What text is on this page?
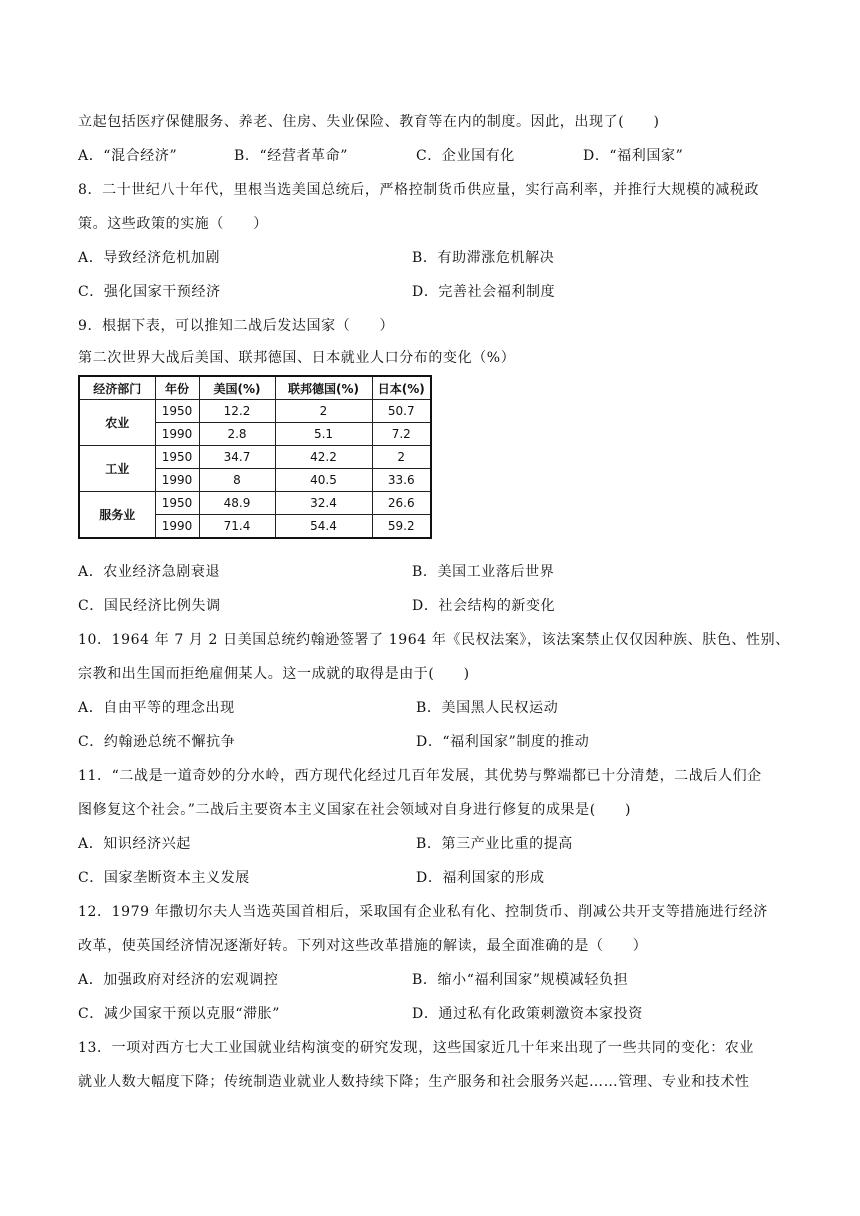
立起包括医疗保健服务、养老、住房、失业保险、教育等在内的制度。因此，出现了(　　)
A．“混合经济”	B．“经营者革命”	C．企业国有化	D．“福利国家”
8．二十世纪八十年代，里根当选美国总统后，严格控制货币供应量，实行高利率，并推行大规模的减税政
策。这些政策的实施（　　）
A．导致经济危机加剧	B．有助滞涨危机解决
C．强化国家干预经济	D．完善社会福利制度
9．根据下表，可以推知二战后发达国家（　　）
第二次世界大战后美国、联邦德国、日本就业人口分布的变化（%）
经济部门	年份	美国(%)	联邦德国(%)	日本(%)
农业	1950	12.2	2	50.7
	1990	2.8	5.1	7.2
工业	1950	34.7	42.2	2
	1990	8	40.5	33.6
服务业	1950	48.9	32.4	26.6
	1990	71.4	54.4	59.2
A．农业经济急剧衰退	B．美国工业落后世界
C．国民经济比例失调	D．社会结构的新变化
10．1964 年 7 月 2 日美国总统约翰逊签署了 1964 年《民权法案》，该法案禁止仅仅因种族、肤色、性别、
宗教和出生国而拒绝雇佣某人。这一成就的取得是由于(　　)
A．自由平等的理念出现	B．美国黑人民权运动
C．约翰逊总统不懈抗争	D．“福利国家”制度的推动
11．“二战是一道奇妙的分水岭，西方现代化经过几百年发展，其优势与弊端都已十分清楚，二战后人们企
图修复这个社会。”二战后主要资本主义国家在社会领域对自身进行修复的成果是(　　)
A．知识经济兴起	B．第三产业比重的提高
C．国家垄断资本主义发展	D．福利国家的形成
12．1979 年撒切尔夫人当选英国首相后，采取国有企业私有化、控制货币、削减公共开支等措施进行经济
改革，使英国经济情况逐渐好转。下列对这些改革措施的解读，最全面准确的是（　　）
A．加强政府对经济的宏观调控	B．缩小“福利国家”规模减轻负担
C．减少国家干预以克服“滞胀”	D．通过私有化政策刺激资本家投资
13．一项对西方七大工业国就业结构演变的研究发现，这些国家近几十年来出现了一些共同的变化：农业
就业人数大幅度下降；传统制造业就业人数持续下降；生产服务和社会服务兴起……管理、专业和技术性
